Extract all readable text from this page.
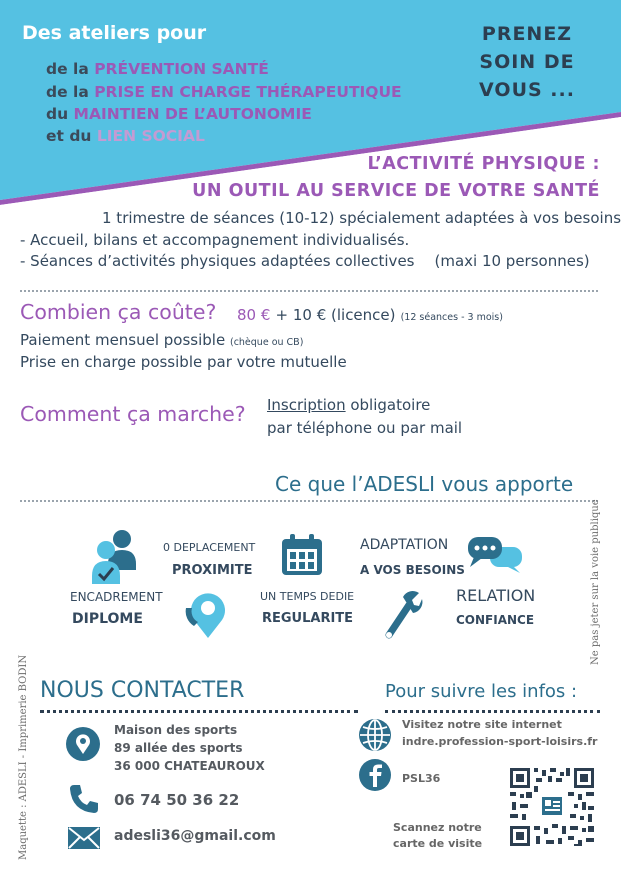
Des ateliers pour
de la PRÉVENTION SANTÉ
de la PRISE EN CHARGE THÉRAPEUTIQUE
du MAINTIEN DE L’AUTONOMIE
et du LIEN SOCIAL
PRENEZ
SOIN DE
VOUS ...
L’ACTIVITÉ PHYSIQUE :
UN OUTIL AU SERVICE DE VOTRE SANTÉ
1 trimestre de séances (10-12) spécialement adaptées à vos besoins
- Accueil, bilans et accompagnement individualisés.
- Séances d’activités physiques adaptées collectives (maxi 10 personnes)
Combien ça coûte? 80 € + 10 € (licence) (12 séances - 3 mois)
Paiement mensuel possible (chèque ou CB)
Prise en charge possible par votre mutuelle
Comment ça marche? Inscription obligatoire
par téléphone ou par mail
Ce que l’ADESLI vous apporte
ENCADREMENT
DIPLOME
0 DEPLACEMENT
PROXIMITE
UN TEMPS DEDIE
REGULARITE
ADAPTATION
A VOS BESOINS
RELATION
CONFIANCE	Ne pas jeter sur la voie publique
Maquette : ADESLI - Imprimerie BODIN NOUS CONTACTER
Maison des sports
89 allée des sports
36 000 CHATEAUROUX
06 74 50 36 22
adesli36@gmail.com
Pour suivre les infos :
Visitez notre site internet
indre.profession-sport-loisirs.fr
PSL36
Scannez notre
carte de visite
